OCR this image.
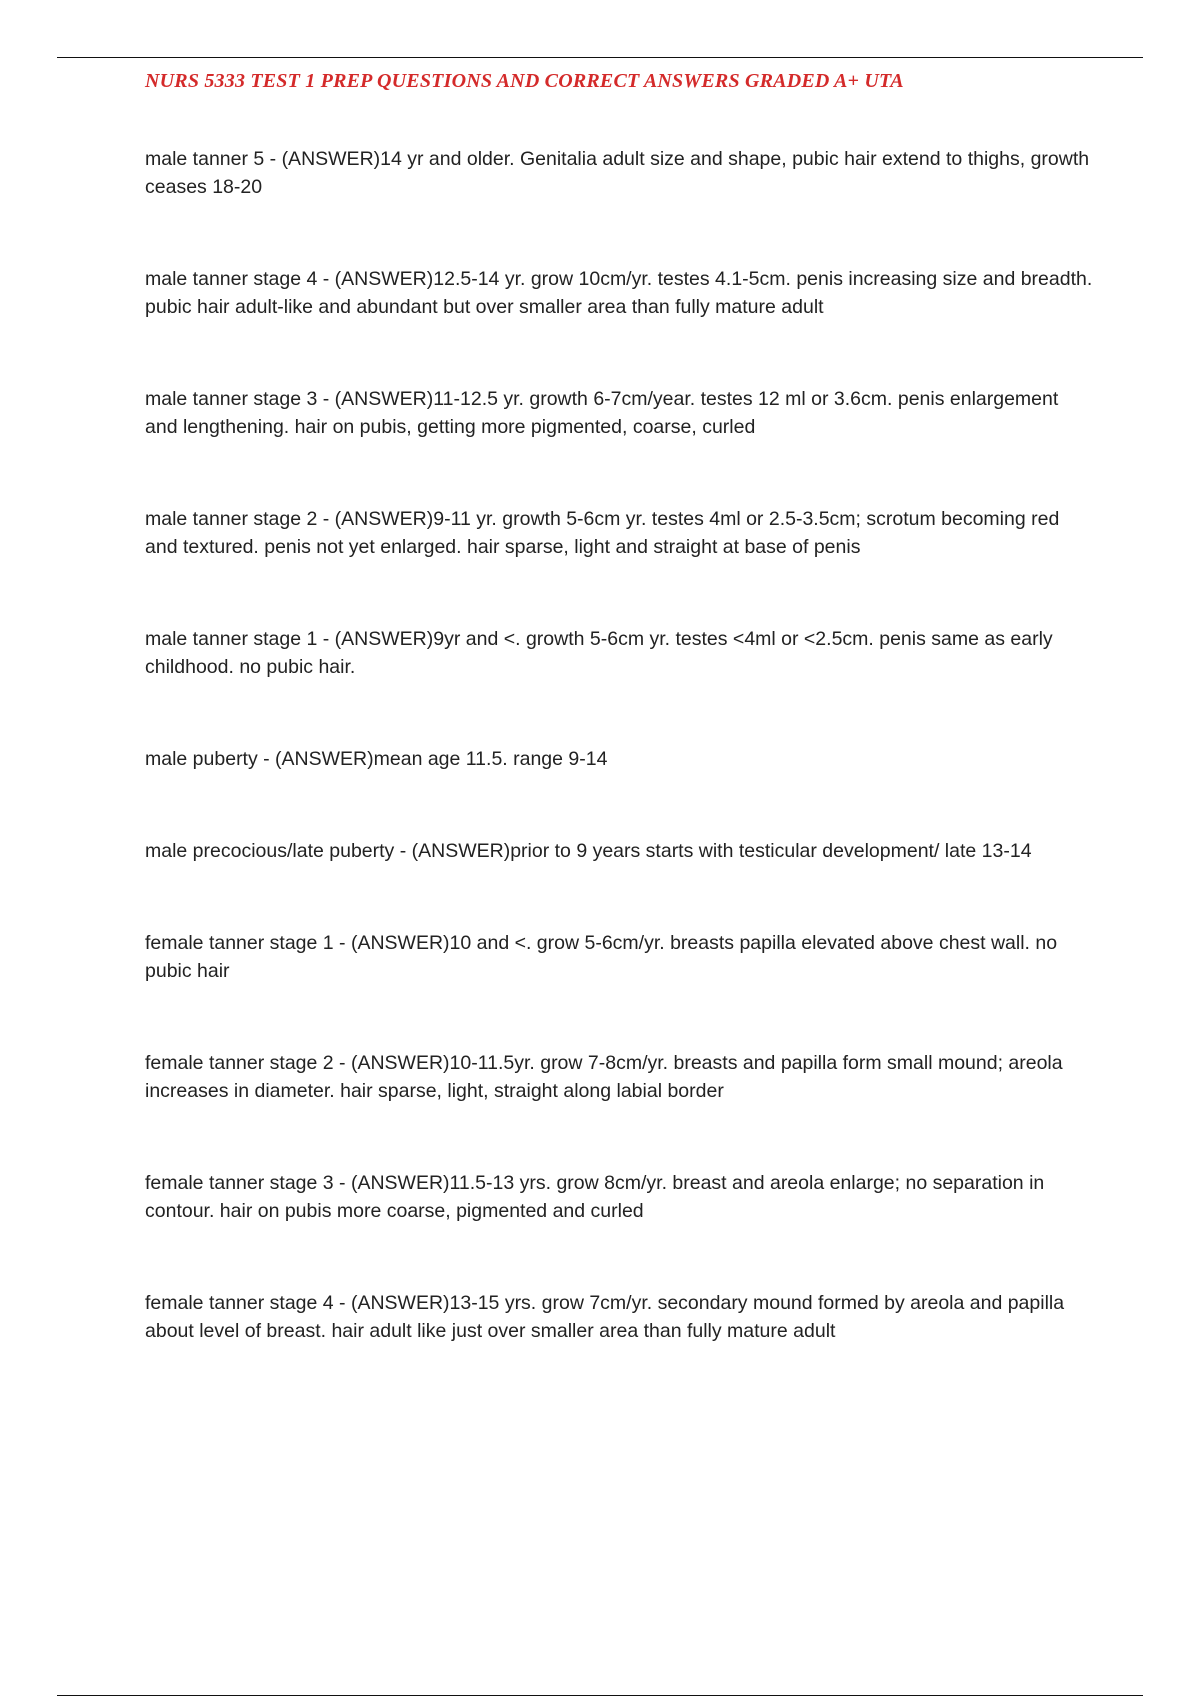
NURS 5333 TEST 1 PREP QUESTIONS AND CORRECT ANSWERS GRADED A+ UTA

male tanner 5 - (ANSWER)14 yr and older. Genitalia adult size and shape, pubic hair extend to thighs, growth ceases 18-20

male tanner stage 4 - (ANSWER)12.5-14 yr. grow 10cm/yr. testes 4.1-5cm. penis increasing size and breadth. pubic hair adult-like and abundant but over smaller area than fully mature adult

male tanner stage 3 - (ANSWER)11-12.5 yr. growth 6-7cm/year. testes 12 ml or 3.6cm. penis enlargement and lengthening. hair on pubis, getting more pigmented, coarse, curled

male tanner stage 2 - (ANSWER)9-11 yr. growth 5-6cm yr. testes 4ml or 2.5-3.5cm; scrotum becoming red and textured. penis not yet enlarged. hair sparse, light and straight at base of penis

male tanner stage 1 - (ANSWER)9yr and <. growth 5-6cm yr. testes <4ml or <2.5cm. penis same as early childhood. no pubic hair.

male puberty - (ANSWER)mean age 11.5. range 9-14

male precocious/late puberty - (ANSWER)prior to 9 years starts with testicular development/ late 13-14

female tanner stage 1 - (ANSWER)10 and <. grow 5-6cm/yr. breasts papilla elevated above chest wall. no pubic hair

female tanner stage 2 - (ANSWER)10-11.5yr. grow 7-8cm/yr. breasts and papilla form small mound; areola increases in diameter. hair sparse, light, straight along labial border

female tanner stage 3 - (ANSWER)11.5-13 yrs. grow 8cm/yr. breast and areola enlarge; no separation in contour. hair on pubis more coarse, pigmented and curled

female tanner stage 4 - (ANSWER)13-15 yrs. grow 7cm/yr. secondary mound formed by areola and papilla about level of breast. hair adult like just over smaller area than fully mature adult
